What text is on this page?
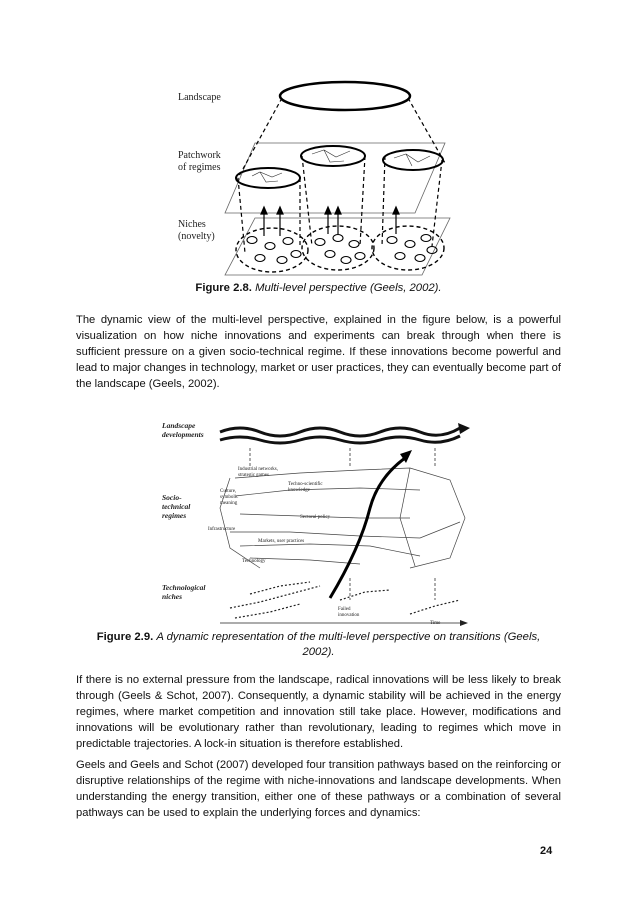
Landscape
Patchwork
of regimes
Niches
(novelty)
Figure 2.8. Multi-level perspective (Geels, 2002).

The dynamic view of the multi-level perspective, explained in the figure below, is a powerful visualization on how niche innovations and experiments can break through when there is sufficient pressure on a given socio-technical regime. If these innovations become powerful and lead to major changes in technology, market or user practices, they can eventually become part of the landscape (Geels, 2002).

Landscape
developments
Socio-
technical
regimes
Technological
niches
Industrial networks,
strategic games
Techno-scientific
knowledge
Culture,
symbolic
meaning
Sectoral policy
Infrastructure
Markets, user practices
Technology
Failed
innovation
Time
Figure 2.9. A dynamic representation of the multi-level perspective on transitions (Geels,
2002).

If there is no external pressure from the landscape, radical innovations will be less likely to break through (Geels & Schot, 2007). Consequently, a dynamic stability will be achieved in the energy regimes, where market competition and innovation still take place. However, modifications and innovations will be evolutionary rather than revolutionary, leading to regimes which move in predictable trajectories. A lock-in situation is therefore established.

Geels and Geels and Schot (2007) developed four transition pathways based on the reinforcing or disruptive relationships of the regime with niche-innovations and landscape developments. When understanding the energy transition, either one of these pathways or a combination of several pathways can be used to explain the underlying forces and dynamics:

24
